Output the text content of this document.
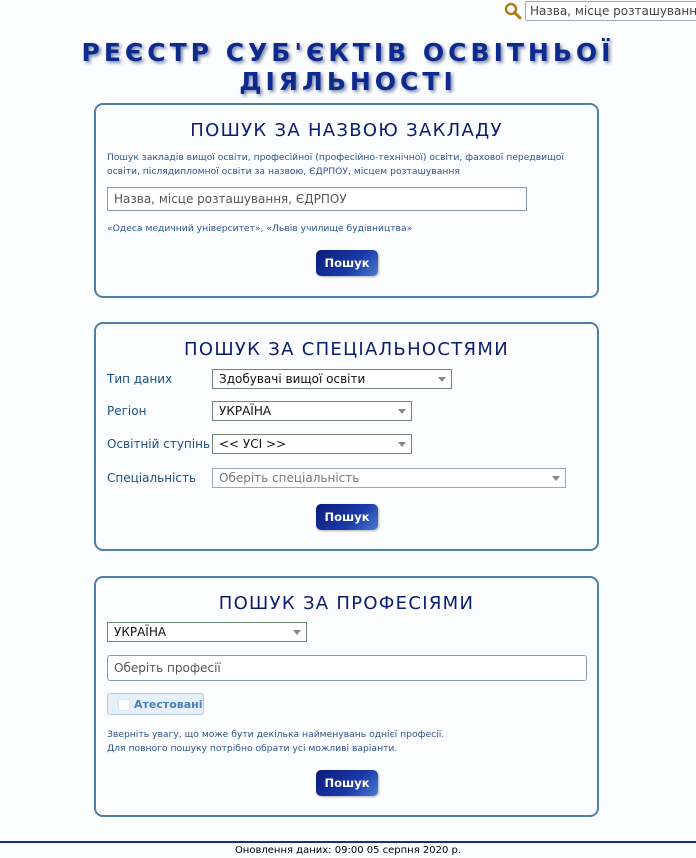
Назва, місце розташування, ЄДРПОУ
РЕЄСТР СУБ'ЄКТІВ ОСВІТНЬОЇ ДІЯЛЬНОСТІ
ПОШУК ЗА НАЗВОЮ ЗАКЛАДУ
Пошук закладів вищої освіти, професійної (професійно-технічної) освіти, фахової передвищої освіти, післядипломної освіти за назвою, ЄДРПОУ, місцем розташування
Назва, місце розташування, ЄДРПОУ
«Одеса медичний університет», «Львів училище будівництва»
Пошук
ПОШУК ЗА СПЕЦІАЛЬНОСТЯМИ
Тип даних	Здобувачі вищої освіти
Регіон	УКРАЇНА
Освітній ступінь << УСІ >>
Спеціальність	Оберіть спеціальність
Пошук
ПОШУК ЗА ПРОФЕСІЯМИ
УКРАЇНА
Оберіть професії
Атестовані
Зверніть увагу, що може бути декілька найменувань однієї професії.
Для повного пошуку потрібно обрати усі можливі варіанти.
Пошук
Оновлення даних: 09:00 05 серпня 2020 р.
